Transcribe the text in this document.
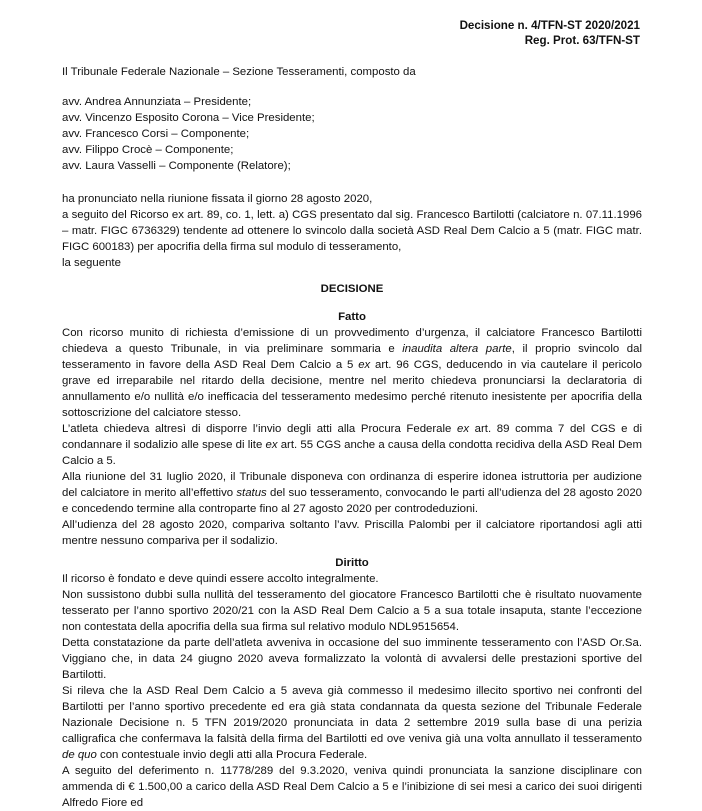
Decisione n. 4/TFN-ST 2020/2021
Reg. Prot. 63/TFN-ST

Il Tribunale Federale Nazionale – Sezione Tesseramenti, composto da

avv. Andrea Annunziata – Presidente;
avv. Vincenzo Esposito Corona – Vice Presidente;
avv. Francesco Corsi – Componente;
avv. Filippo Crocè – Componente;
avv. Laura Vasselli – Componente (Relatore);

ha pronunciato nella riunione fissata il giorno 28 agosto 2020,

a seguito del Ricorso ex art. 89, co. 1, lett. a) CGS presentato dal sig. Francesco Bartilotti (calciatore n. 07.11.1996 – matr. FIGC 6736329) tendente ad ottenere lo svincolo dalla società ASD Real Dem Calcio a 5 (matr. FIGC matr. FIGC 600183) per apocrifia della firma sul modulo di tesseramento,

la seguente

DECISIONE
Fatto

Con ricorso munito di richiesta d’emissione di un provvedimento d’urgenza, il calciatore Francesco Bartilotti chiedeva a questo Tribunale, in via preliminare sommaria e inaudita altera parte, il proprio svincolo dal tesseramento in favore della ASD Real Dem Calcio a 5 ex art. 96 CGS, deducendo in via cautelare il pericolo grave ed irreparabile nel ritardo della decisione, mentre nel merito chiedeva pronunciarsi la declaratoria di annullamento e/o nullità e/o inefficacia del tesseramento medesimo perché ritenuto inesistente per apocrifia della sottoscrizione del calciatore stesso.

L’atleta chiedeva altresì di disporre l’invio degli atti alla Procura Federale ex art. 89 comma 7 del CGS e di condannare il sodalizio alle spese di lite ex art. 55 CGS anche a causa della condotta recidiva della ASD Real Dem Calcio a 5.

Alla riunione del 31 luglio 2020, il Tribunale disponeva con ordinanza di esperire idonea istruttoria per audizione del calciatore in merito all’effettivo status del suo tesseramento, convocando le parti all’udienza del 28 agosto 2020 e concedendo termine alla controparte fino al 27 agosto 2020 per controdeduzioni.

All’udienza del 28 agosto 2020, compariva soltanto l’avv. Priscilla Palombi per il calciatore riportandosi agli atti mentre nessuno compariva per il sodalizio.

Diritto

Il ricorso è fondato e deve quindi essere accolto integralmente.

Non sussistono dubbi sulla nullità del tesseramento del giocatore Francesco Bartilotti che è risultato nuovamente tesserato per l’anno sportivo 2020/21 con la ASD Real Dem Calcio a 5 a sua totale insaputa, stante l’eccezione non contestata della apocrifia della sua firma sul relativo modulo NDL9515654.

Detta constatazione da parte dell’atleta avveniva in occasione del suo imminente tesseramento con l’ASD Or.Sa. Viggiano che, in data 24 giugno 2020 aveva formalizzato la volontà di avvalersi delle prestazioni sportive del Bartilotti.

Si rileva che la ASD Real Dem Calcio a 5 aveva già commesso il medesimo illecito sportivo nei confronti del Bartilotti per l’anno sportivo precedente ed era già stata condannata da questa sezione del Tribunale Federale Nazionale Decisione n. 5 TFN 2019/2020 pronunciata in data 2 settembre 2019 sulla base di una perizia calligrafica che confermava la falsità della firma del Bartilotti ed ove veniva già una volta annullato il tesseramento de quo con contestuale invio degli atti alla Procura Federale.

A seguito del deferimento n. 11778/289 del 9.3.2020, veniva quindi pronunciata la sanzione disciplinare con ammenda di € 1.500,00 a carico della ASD Real Dem Calcio a 5 e l’inibizione di sei mesi a carico dei suoi dirigenti Alfredo Fiore ed
